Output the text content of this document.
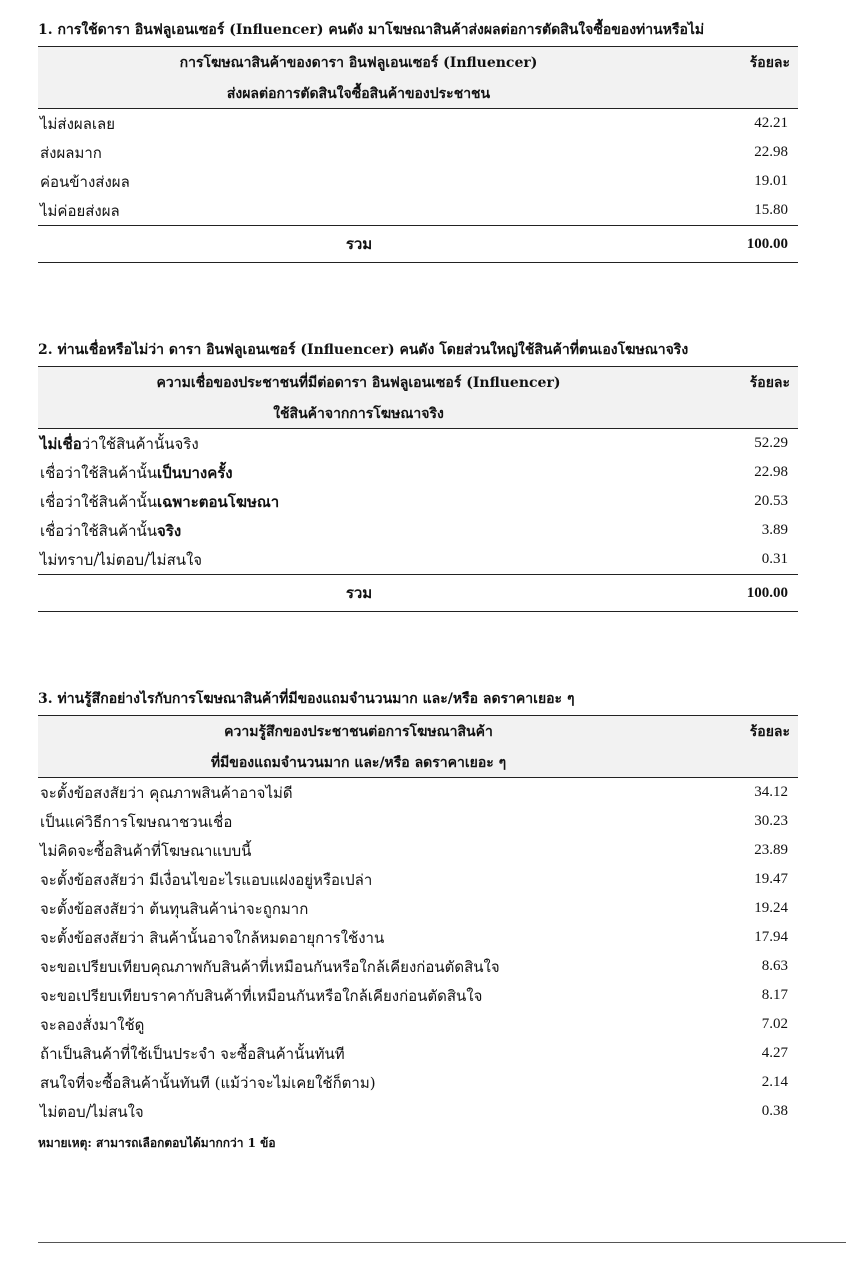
1. การใช้ดารา อินฟลูเอนเซอร์ (Influencer) คนดัง มาโฆษณาสินค้าส่งผลต่อการตัดสินใจซื้อของท่านหรือไม่
การโฆษณาสินค้าของดารา อินฟลูเอนเซอร์ (Influencer)	ร้อยละ
ส่งผลต่อการตัดสินใจซื้อสินค้าของประชาชน	
ไม่ส่งผลเลย	42.21
ส่งผลมาก	22.98
ค่อนข้างส่งผล	19.01
ไม่ค่อยส่งผล	15.80
รวม	100.00
2. ท่านเชื่อหรือไม่ว่า ดารา อินฟลูเอนเซอร์ (Influencer) คนดัง โดยส่วนใหญ่ใช้สินค้าที่ตนเองโฆษณาจริง
ความเชื่อของประชาชนที่มีต่อดารา อินฟลูเอนเซอร์ (Influencer)	ร้อยละ
ใช้สินค้าจากการโฆษณาจริง	
ไม่เชื่อว่าใช้สินค้านั้นจริง	52.29
เชื่อว่าใช้สินค้านั้นเป็นบางครั้ง	22.98
เชื่อว่าใช้สินค้านั้นเฉพาะตอนโฆษณา	20.53
เชื่อว่าใช้สินค้านั้นจริง	3.89
ไม่ทราบ/ไม่ตอบ/ไม่สนใจ	0.31
รวม	100.00
3. ท่านรู้สึกอย่างไรกับการโฆษณาสินค้าที่มีของแถมจำนวนมาก และ/หรือ ลดราคาเยอะ ๆ
ความรู้สึกของประชาชนต่อการโฆษณาสินค้า	ร้อยละ
ที่มีของแถมจำนวนมาก และ/หรือ ลดราคาเยอะ ๆ	
จะตั้งข้อสงสัยว่า คุณภาพสินค้าอาจไม่ดี	34.12
เป็นแค่วิธีการโฆษณาชวนเชื่อ	30.23
ไม่คิดจะซื้อสินค้าที่โฆษณาแบบนี้	23.89
จะตั้งข้อสงสัยว่า มีเงื่อนไขอะไรแอบแฝงอยู่หรือเปล่า	19.47
จะตั้งข้อสงสัยว่า ต้นทุนสินค้าน่าจะถูกมาก	19.24
จะตั้งข้อสงสัยว่า สินค้านั้นอาจใกล้หมดอายุการใช้งาน	17.94
จะขอเปรียบเทียบคุณภาพกับสินค้าที่เหมือนกันหรือใกล้เคียงก่อนตัดสินใจ	8.63
จะขอเปรียบเทียบราคากับสินค้าที่เหมือนกันหรือใกล้เคียงก่อนตัดสินใจ	8.17
จะลองสั่งมาใช้ดู	7.02
ถ้าเป็นสินค้าที่ใช้เป็นประจำ จะซื้อสินค้านั้นทันที	4.27
สนใจที่จะซื้อสินค้านั้นทันที (แม้ว่าจะไม่เคยใช้ก็ตาม)	2.14
ไม่ตอบ/ไม่สนใจ	0.38
หมายเหตุ: สามารถเลือกตอบได้มากกว่า 1 ข้อ
